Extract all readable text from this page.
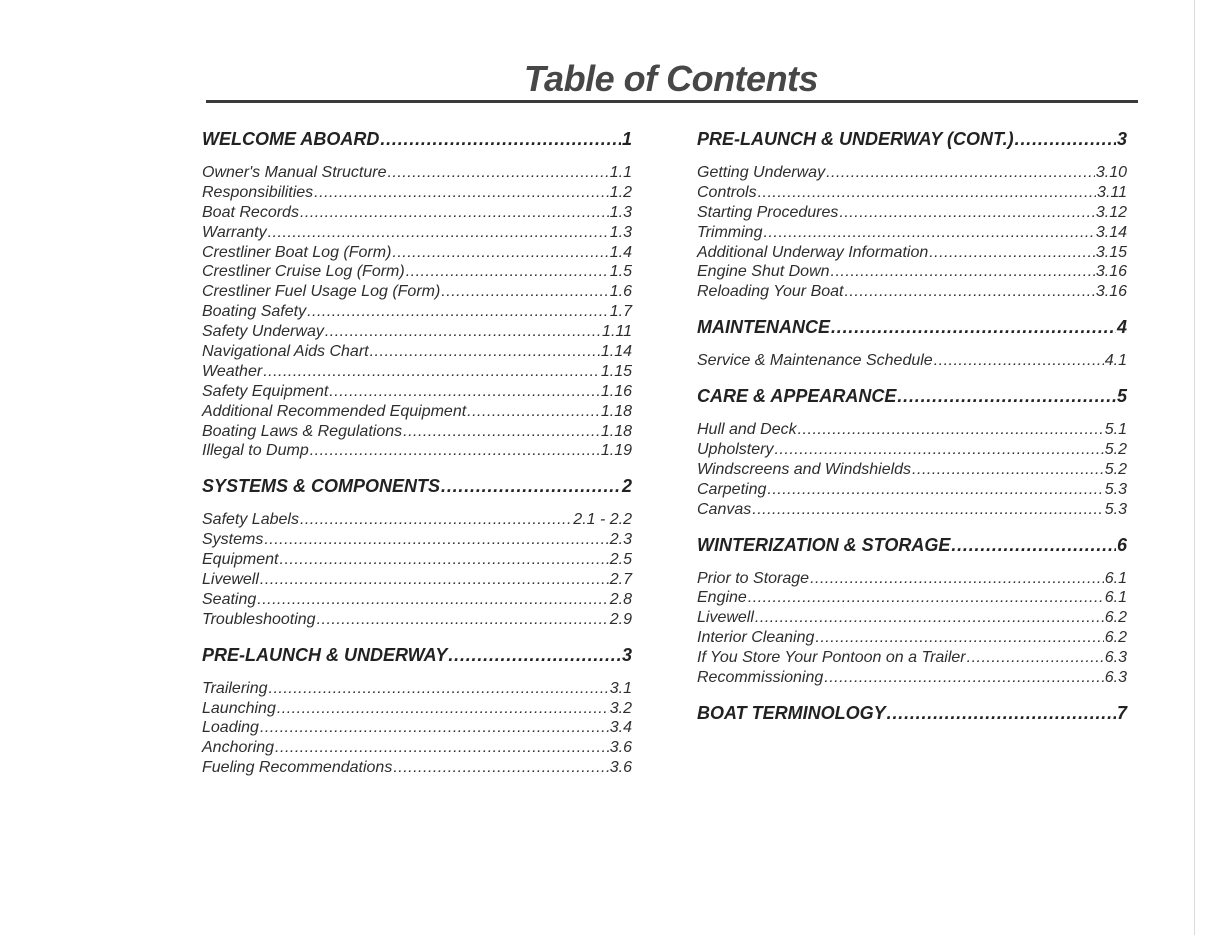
Table of Contents
WELCOME ABOARD .....	1
Owner's Manual Structure .....	1.1
Responsibilities .....	1.2
Boat Records .....	1.3
Warranty .....	1.3
Crestliner Boat Log (Form) .....	1.4
Crestliner Cruise Log (Form) .....	1.5
Crestliner Fuel Usage Log (Form) .....	1.6
Boating Safety .....	1.7
Safety Underway .....	1.11
Navigational Aids Chart .....	1.14
Weather .....	1.15
Safety Equipment .....	1.16
Additional Recommended Equipment .....	1.18
Boating Laws & Regulations .....	1.18
Illegal to Dump .....	1.19
SYSTEMS & COMPONENTS .....	2
Safety Labels .....	2.1 - 2.2
Systems .....	2.3
Equipment .....	2.5
Livewell .....	2.7
Seating .....	2.8
Troubleshooting .....	2.9
PRE-LAUNCH & UNDERWAY .....	3
Trailering .....	3.1
Launching .....	3.2
Loading .....	3.4
Anchoring .....	3.6
Fueling Recommendations .....	3.6
PRE-LAUNCH & UNDERWAY (CONT.) .....	3
Getting Underway .....	3.10
Controls .....	3.11
Starting Procedures .....	3.12
Trimming .....	3.14
Additional Underway Information .....	3.15
Engine Shut Down .....	3.16
Reloading Your Boat .....	3.16
MAINTENANCE .....	4
Service & Maintenance Schedule .....	4.1
CARE & APPEARANCE .....	5
Hull and Deck .....	5.1
Upholstery .....	5.2
Windscreens and Windshields .....	5.2
Carpeting .....	5.3
Canvas .....	5.3
WINTERIZATION & STORAGE .....	6
Prior to Storage .....	6.1
Engine .....	6.1
Livewell .....	6.2
Interior Cleaning .....	6.2
If You Store Your Pontoon on a Trailer .....	6.3
Recommissioning .....	6.3
BOAT TERMINOLOGY .....	7
